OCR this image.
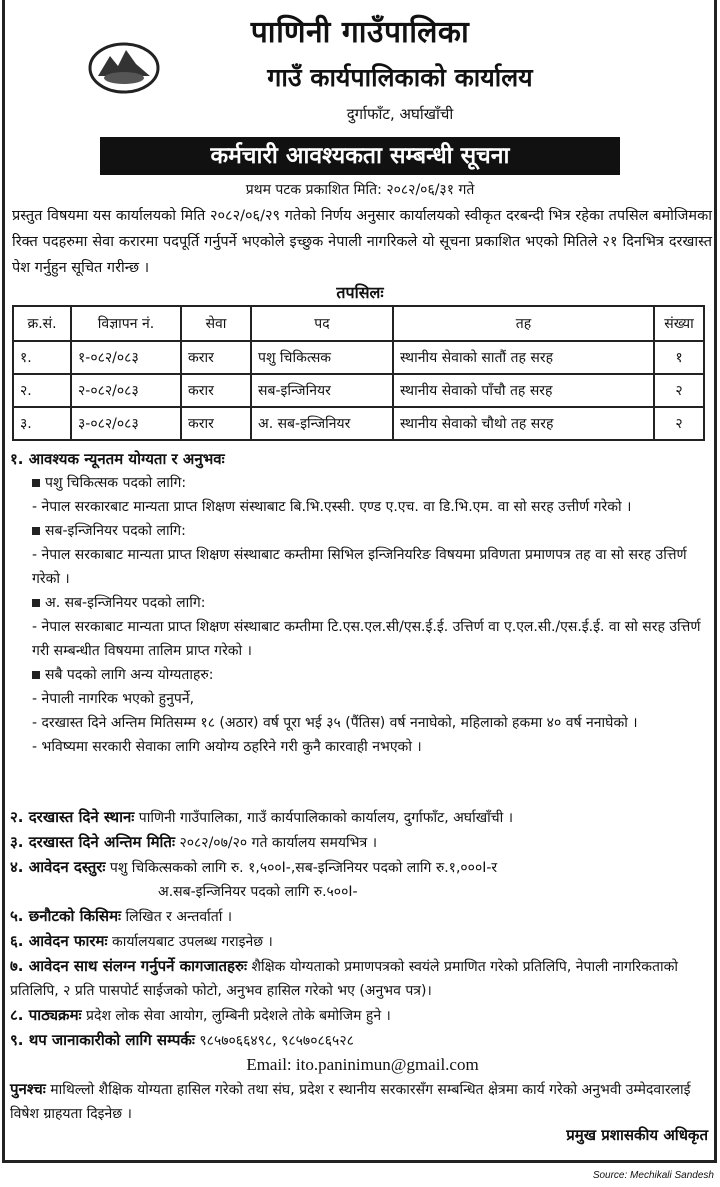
पाणिनी गाउँपालिका
गाउँ कार्यपालिकाको कार्यालय
दुर्गाफाँट, अर्घाखाँची
कर्मचारी आवश्यकता सम्बन्धी सूचना
प्रथम पटक प्रकाशित मिति: २०८२/०६/३१ गते
प्रस्तुत विषयमा यस कार्यालयको मिति २०८२/०६/२९ गतेको निर्णय अनुसार कार्यालयको स्वीकृत दरबन्दी भित्र रहेका तपसिल बमोजिमका रिक्त पदहरुमा सेवा करारमा पदपूर्ति गर्नुपर्ने भएकोले इच्छुक नेपाली नागरिकले यो सूचना प्रकाशित भएको मितिले २१ दिनभित्र दरखास्त पेश गर्नुहुन सूचित गरीन्छ ।
तपसिलः
क्र.सं.	विज्ञापन नं.	सेवा	पद	तह	संख्या
१.	१-०८२/०८३	करार	पशु चिकित्सक	स्थानीय सेवाको सातौं तह सरह	१
२.	२-०८२/०८३	करार	सब-इन्जिनियर	स्थानीय सेवाको पाँचौ तह सरह	२
३.	३-०८२/०८३	करार	अ. सब-इन्जिनियर	स्थानीय सेवाको चौथो तह सरह	२
१. आवश्यक न्यूनतम योग्यता र अनुभवः
पशु चिकित्सक पदको लागि:
- नेपाल सरकारबाट मान्यता प्राप्त शिक्षण संस्थाबाट बि.भि.एस्सी. एण्ड ए.एच. वा डि.भि.एम. वा सो सरह उत्तीर्ण गरेको ।
सब-इन्जिनियर पदको लागि:
- नेपाल सरकाबाट मान्यता प्राप्त शिक्षण संस्थाबाट कम्तीमा सिभिल इन्जिनियरिङ विषयमा प्रविणता प्रमाणपत्र तह वा सो सरह उत्तिर्ण गरेको ।
अ. सब-इन्जिनियर पदको लागि:
- नेपाल सरकाबाट मान्यता प्राप्त शिक्षण संस्थाबाट कम्तीमा टि.एस.एल.सी/एस.ई.ई. उत्तिर्ण वा ए.एल.सी./एस.ई.ई. वा सो सरह उत्तिर्ण गरी सम्बन्धीत विषयमा तालिम प्राप्त गरेको ।
सबै पदको लागि अन्य योग्यताहरु:
- नेपाली नागरिक भएको हुनुपर्ने,
- दरखास्त दिने अन्तिम मितिसम्म १८ (अठार) वर्ष पूरा भई ३५ (पैंतिस) वर्ष ननाघेको, महिलाको हकमा ४० वर्ष ननाघेको ।
- भविष्यमा सरकारी सेवाका लागि अयोग्य ठहरिने गरी कुनै कारवाही नभएको ।
२. दरखास्त दिने स्थानः पाणिनी गाउँपालिका, गाउँ कार्यपालिकाको कार्यालय, दुर्गाफाँट, अर्घाखाँची ।
३. दरखास्त दिने अन्तिम मितिः २०८२/०७/२० गते कार्यालय समयभित्र ।
४. आवेदन दस्तुरः पशु चिकित्सकको लागि रु. १,५००I-,सब-इन्जिनियर पदको लागि रु.१,०००I-र
अ.सब-इन्जिनियर पदको लागि रु.५००I-
५. छनौटको किसिमः लिखित र अन्तर्वार्ता ।
६. आवेदन फारमः कार्यालयबाट उपलब्ध गराइनेछ ।
७. आवेदन साथ संलग्न गर्नुपर्ने कागजातहरुः शैक्षिक योग्यताको प्रमाणपत्रको स्वयंले प्रमाणित गरेको प्रतिलिपि, नेपाली नागरिकताको प्रतिलिपि, २ प्रति पासपोर्ट साईजको फोटो, अनुभव हासिल गरेको भए (अनुभव पत्र)।
८. पाठ्यक्रमः प्रदेश लोक सेवा आयोग, लुम्बिनी प्रदेशले तोके बमोजिम हुने ।
९. थप जानाकारीको लागि सम्पर्कः ९८५७०६६४९८, ९८५७०८६५२८
Email: ito.paninimun@gmail.com
पुनश्चः माथिल्लो शैक्षिक योग्यता हासिल गरेको तथा संघ, प्रदेश र स्थानीय सरकारसँग सम्बन्धित क्षेत्रमा कार्य गरेको अनुभवी उम्मेदवारलाई विषेश ग्राहयता दिइनेछ ।
प्रमुख प्रशासकीय अधिकृत
Source: Mechikali Sandesh
